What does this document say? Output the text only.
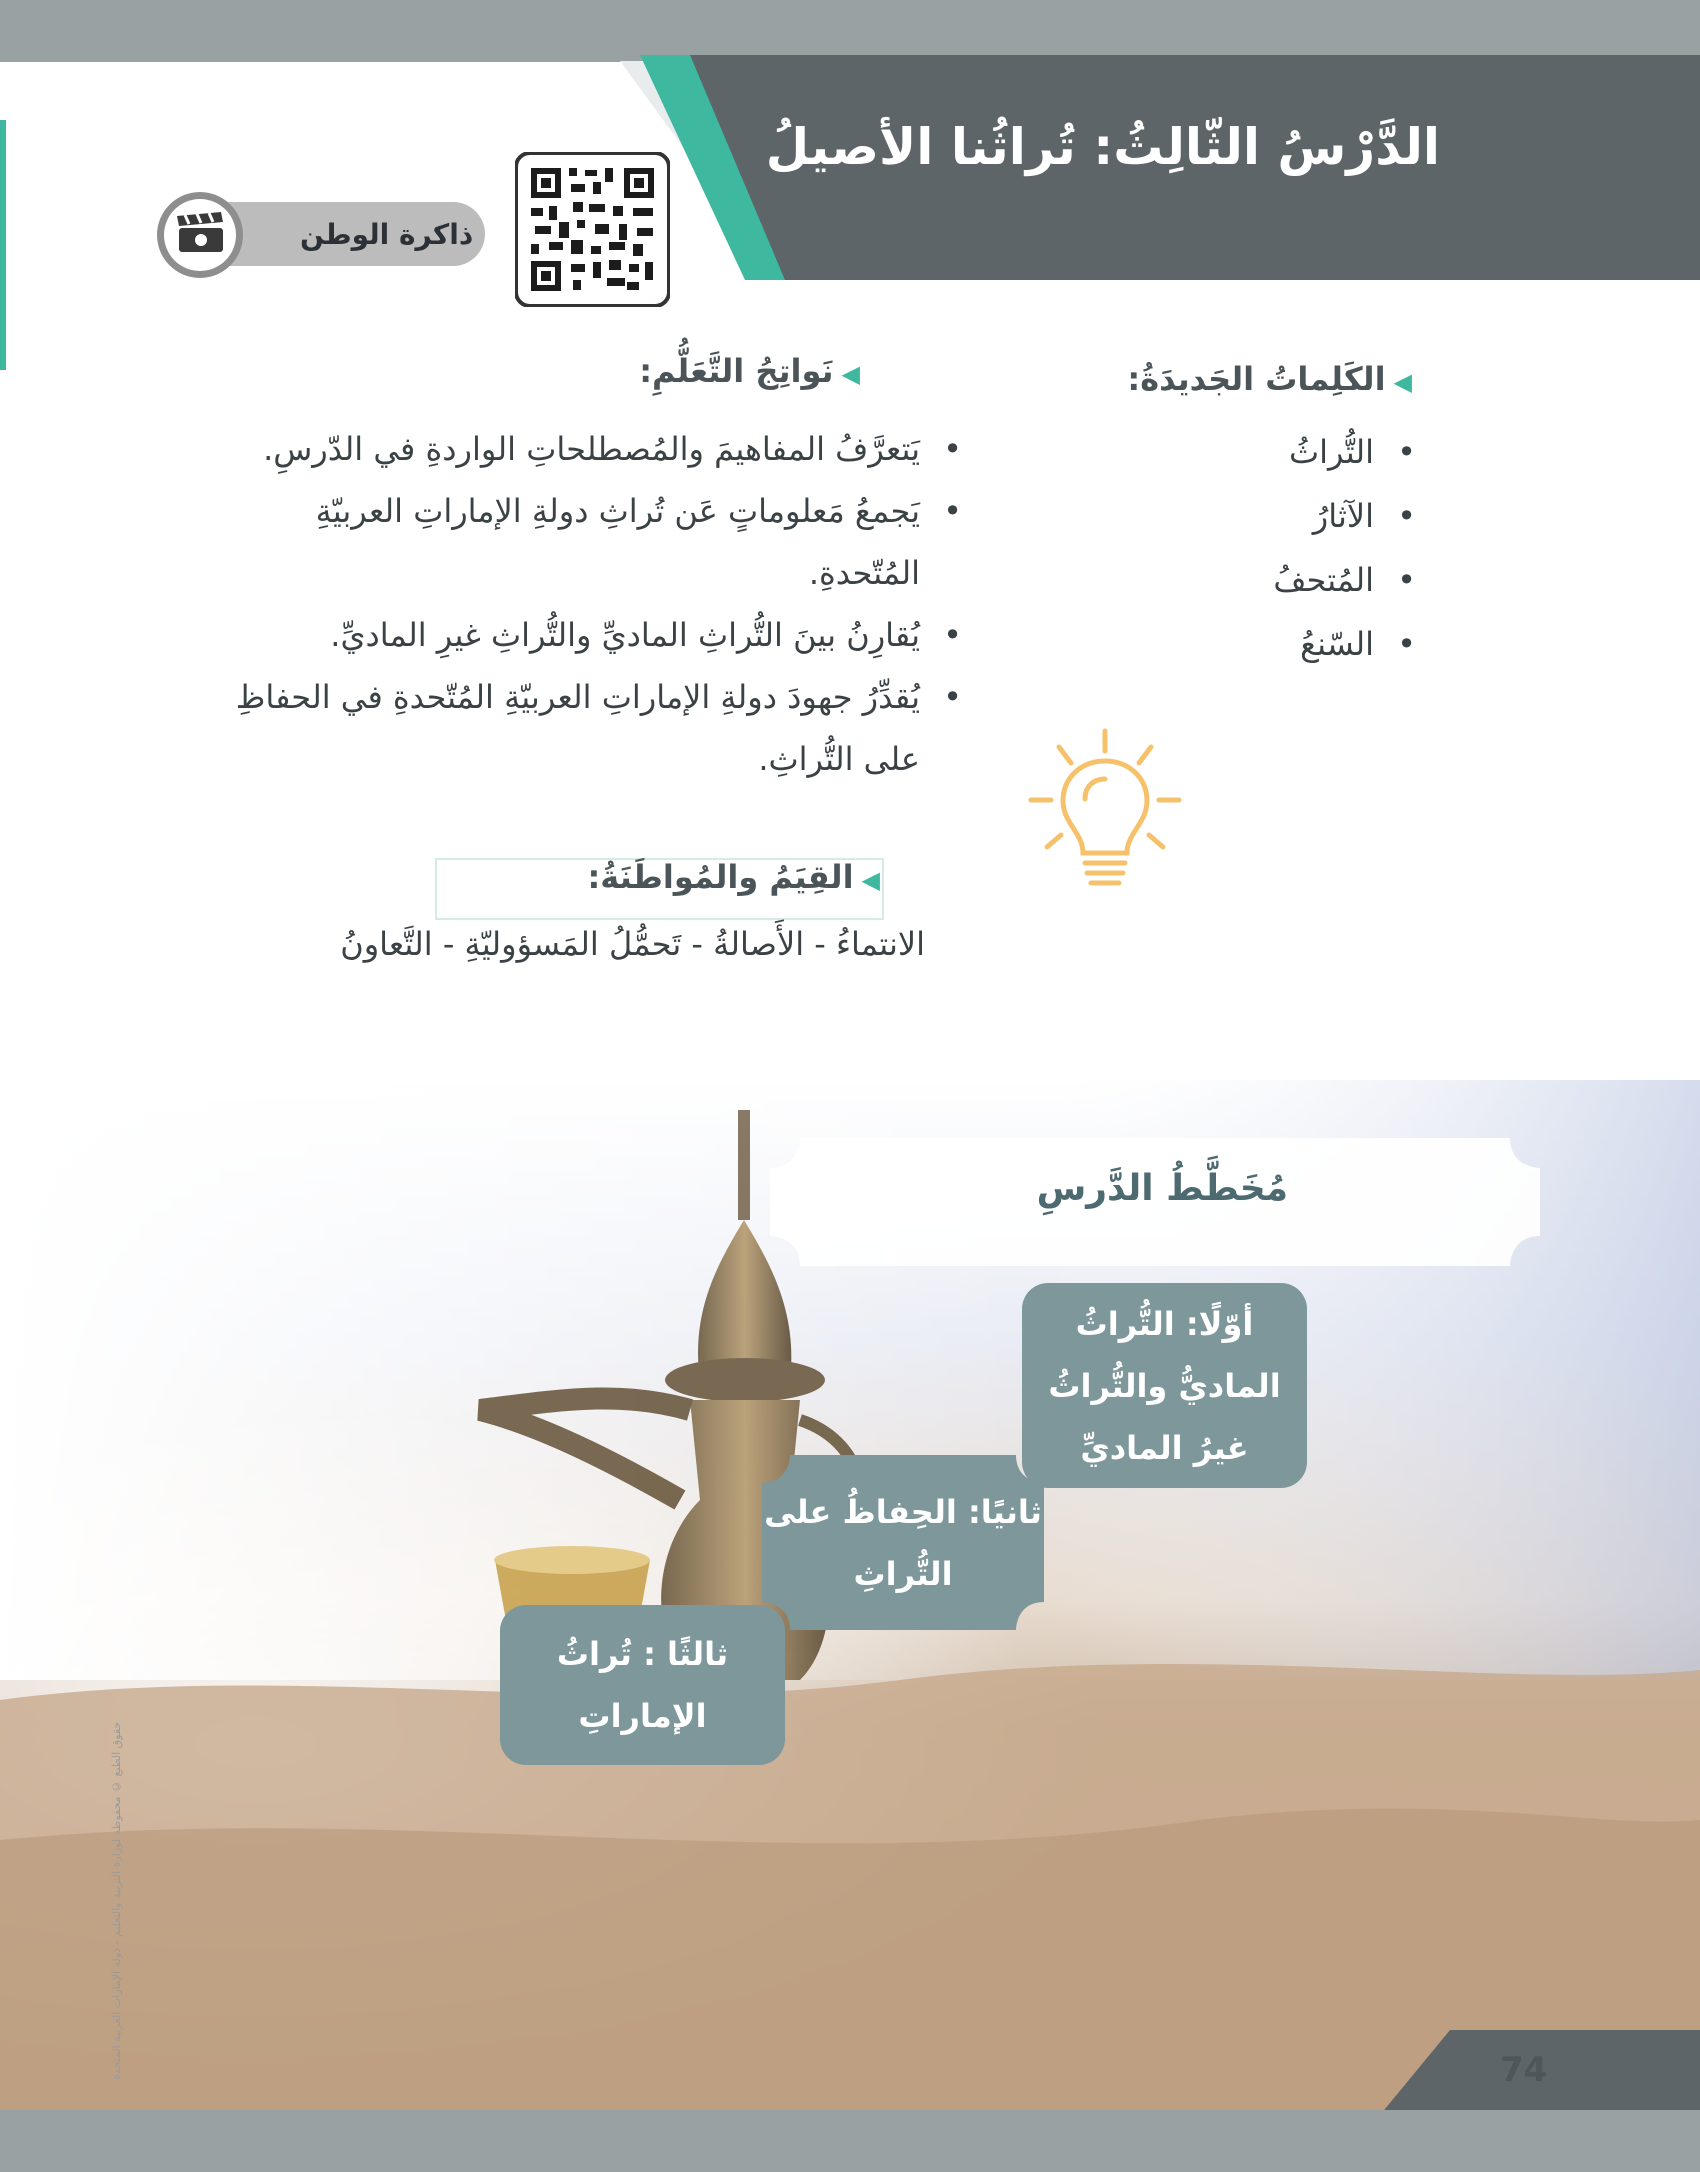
الدَّرْسُ الثّالِثُ: تُراثُنا الأصيلُ
ذاكرة الوطن
◀الكَلِماتُ الجَديدَةُ:
• التُّراثُ
• الآثارُ
• المُتحفُ
• السّنعُ
◀نَواتِجُ التَّعَلُّمِ:
• يَتعرَّفُ المفاهيمَ والمُصطلحاتِ الواردةِ في الدّرسِ.
• يَجمعُ مَعلوماتٍ عَن تُراثِ دولةِ الإماراتِ العربيّةِ المُتّحدةِ.
• يُقارِنُ بينَ التُّراثِ الماديِّ والتُّراثِ غيرِ الماديِّ.
• يُقدِّرُ جهودَ دولةِ الإماراتِ العربيّةِ المُتّحدةِ في الحفاظِ على التُّراثِ.
◀القِيَمُ والمُواطَنَةُ:
الانتماءُ - الأَصالةُ - تَحمُّلُ المَسؤوليّةِ - التَّعاونُ
مُخَطَّطُ الدَّرسِ
أوّلًا: التُّراثُ الماديُّ والتُّراثُ غيرُ الماديِّ
ثانيًا: الحِفاظُ على التُّراثِ
ثالثًا : تُراثُ الإماراتِ
حقوق الطبع © محفوظة لوزارة التربية والتعليم - دولة الإمارات العربية المتحدة	74
